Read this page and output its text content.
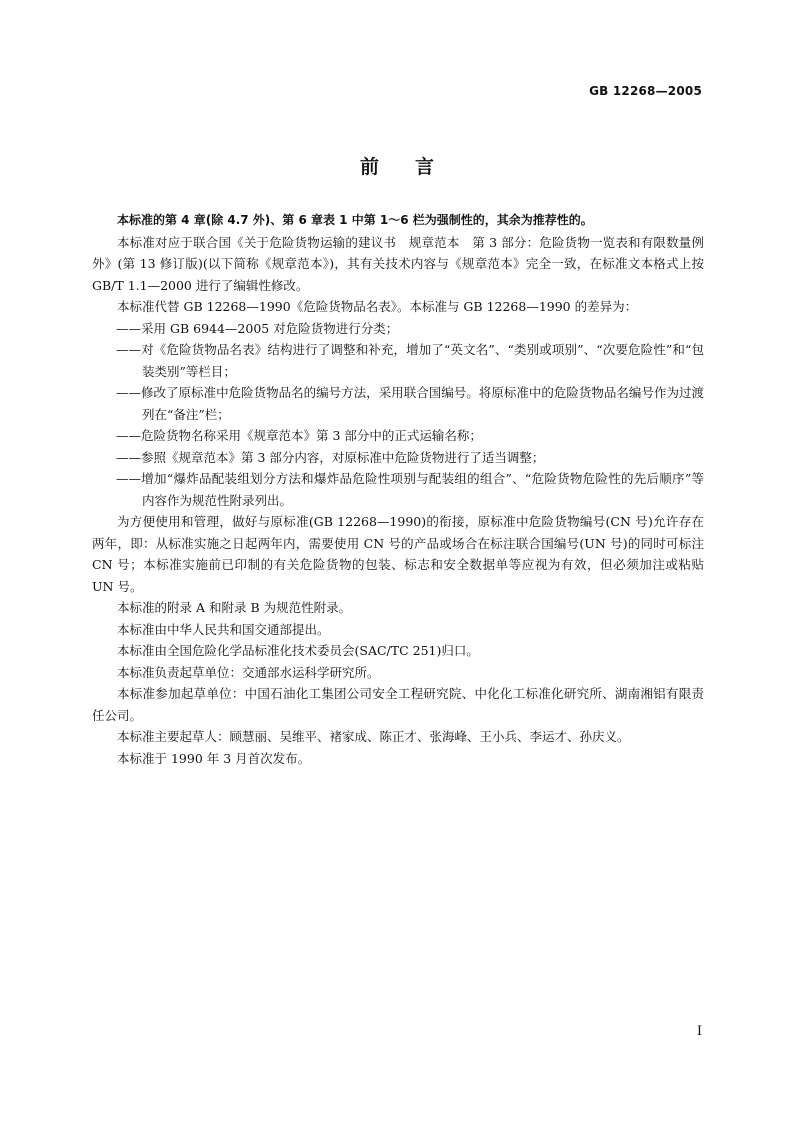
GB 12268—2005
前言

本标准的第 4 章(除 4.7 外)、第 6 章表 1 中第 1～6 栏为强制性的，其余为推荐性的。

本标准对应于联合国《关于危险货物运输的建议书　规章范本　第 3 部分：危险货物一览表和有限数量例外》(第 13 修订版)(以下简称《规章范本》)，其有关技术内容与《规章范本》完全一致，在标准文本格式上按 GB/T 1.1—2000 进行了编辑性修改。

本标准代替 GB 12268—1990《危险货物品名表》。本标准与 GB 12268—1990 的差异为：

——采用 GB 6944—2005 对危险货物进行分类；

——对《危险货物品名表》结构进行了调整和补充，增加了“英文名”、“类别或项别”、“次要危险性”和“包装类别”等栏目；

——修改了原标准中危险货物品名的编号方法，采用联合国编号。将原标准中的危险货物品名编号作为过渡列在“备注”栏；

——危险货物名称采用《规章范本》第 3 部分中的正式运输名称；

——参照《规章范本》第 3 部分内容，对原标准中危险货物进行了适当调整；

——增加“爆炸品配装组划分方法和爆炸品危险性项别与配装组的组合”、“危险货物危险性的先后顺序”等内容作为规范性附录列出。

为方便使用和管理，做好与原标准(GB 12268—1990)的衔接，原标准中危险货物编号(CN 号)允许存在两年，即：从标准实施之日起两年内，需要使用 CN 号的产品或场合在标注联合国编号(UN 号)的同时可标注 CN 号；本标准实施前已印制的有关危险货物的包装、标志和安全数据单等应视为有效，但必须加注或粘贴 UN 号。

本标准的附录 A 和附录 B 为规范性附录。

本标准由中华人民共和国交通部提出。

本标准由全国危险化学品标准化技术委员会(SAC/TC 251)归口。

本标准负责起草单位：交通部水运科学研究所。

本标准参加起草单位：中国石油化工集团公司安全工程研究院、中化化工标准化研究所、湖南湘铝有限责任公司。

本标准主要起草人：顾慧丽、吴维平、褚家成、陈正才、张海峰、王小兵、李运才、孙庆义。

本标准于 1990 年 3 月首次发布。

I
